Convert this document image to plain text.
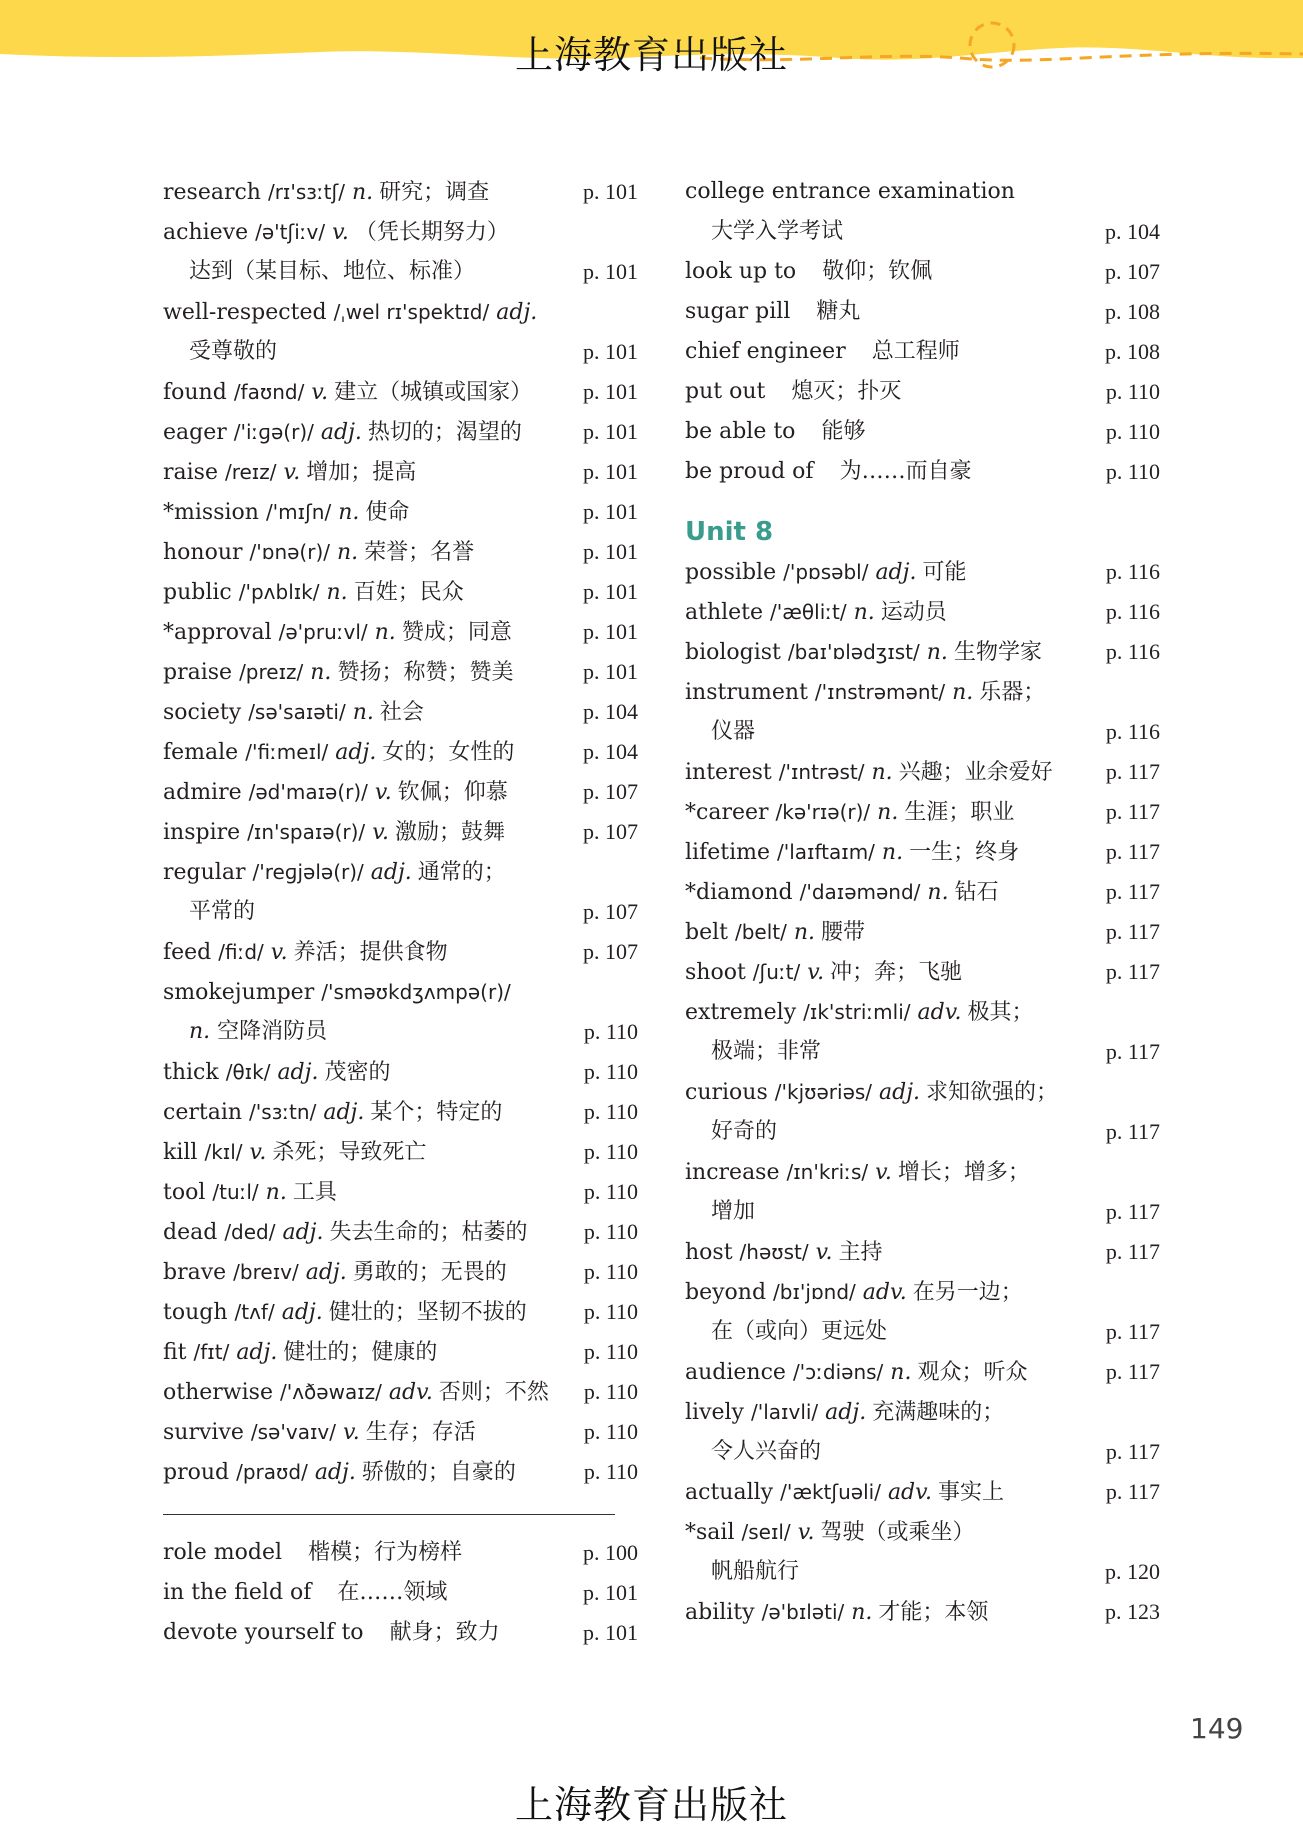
上海教育出版社
research /rɪ'sɜːtʃ/ n. 研究；调查	p. 101
achieve /ə'tʃiːv/ v. （凭长期努力）
达到（某目标、地位、标准）	p. 101
well-respected /ˌwel rɪ'spektɪd/ adj.
受尊敬的	p. 101
found /faʊnd/ v. 建立（城镇或国家）	p. 101
eager /'iːɡə(r)/ adj. 热切的；渴望的	p. 101
raise /reɪz/ v. 增加；提高	p. 101
*mission /'mɪʃn/ n. 使命	p. 101
honour /'ɒnə(r)/ n. 荣誉；名誉	p. 101
public /'pʌblɪk/ n. 百姓；民众	p. 101
*approval /ə'pruːvl/ n. 赞成；同意	p. 101
praise /preɪz/ n. 赞扬；称赞；赞美	p. 101
society /sə'saɪəti/ n. 社会	p. 104
female /'fiːmeɪl/ adj. 女的；女性的	p. 104
admire /əd'maɪə(r)/ v. 钦佩；仰慕	p. 107
inspire /ɪn'spaɪə(r)/ v. 激励；鼓舞	p. 107
regular /'reɡjələ(r)/ adj. 通常的；
平常的	p. 107
feed /fiːd/ v. 养活；提供食物	p. 107
smokejumper /'sməʊkdʒʌmpə(r)/
n. 空降消防员	p. 110
thick /θɪk/ adj. 茂密的	p. 110
certain /'sɜːtn/ adj. 某个；特定的	p. 110
kill /kɪl/ v. 杀死；导致死亡	p. 110
tool /tuːl/ n. 工具	p. 110
dead /ded/ adj. 失去生命的；枯萎的	p. 110
brave /breɪv/ adj. 勇敢的；无畏的	p. 110
tough /tʌf/ adj. 健壮的；坚韧不拔的	p. 110
fit /fɪt/ adj. 健壮的；健康的	p. 110
otherwise /'ʌðəwaɪz/ adv. 否则；不然	p. 110
survive /sə'vaɪv/ v. 生存；存活	p. 110
proud /praʊd/ adj. 骄傲的；自豪的	p. 110
role model 楷模；行为榜样	p. 100
in the field of 在……领域	p. 101
devote yourself to 献身；致力	p. 101
college entrance examination
大学入学考试	p. 104
look up to 敬仰；钦佩	p. 107
sugar pill 糖丸	p. 108
chief engineer 总工程师	p. 108
put out 熄灭；扑灭	p. 110
be able to 能够	p. 110
be proud of 为……而自豪	p. 110
Unit 8
possible /'pɒsəbl/ adj. 可能	p. 116
athlete /'æθliːt/ n. 运动员	p. 116
biologist /baɪ'ɒlədʒɪst/ n. 生物学家	p. 116
instrument /'ɪnstrəmənt/ n. 乐器；
仪器	p. 116
interest /'ɪntrəst/ n. 兴趣；业余爱好	p. 117
*career /kə'rɪə(r)/ n. 生涯；职业	p. 117
lifetime /'laɪftaɪm/ n. 一生；终身	p. 117
*diamond /'daɪəmənd/ n. 钻石	p. 117
belt /belt/ n. 腰带	p. 117
shoot /ʃuːt/ v. 冲；奔；飞驰	p. 117
extremely /ɪk'striːmli/ adv. 极其；
极端；非常	p. 117
curious /'kjʊəriəs/ adj. 求知欲强的；
好奇的	p. 117
increase /ɪn'kriːs/ v. 增长；增多；
增加	p. 117
host /həʊst/ v. 主持	p. 117
beyond /bɪ'jɒnd/ adv. 在另一边；
在（或向）更远处	p. 117
audience /'ɔːdiəns/ n. 观众；听众	p. 117
lively /'laɪvli/ adj. 充满趣味的；
令人兴奋的	p. 117
actually /'æktʃuəli/ adv. 事实上	p. 117
*sail /seɪl/ v. 驾驶（或乘坐）
帆船航行	p. 120
ability /ə'bɪləti/ n. 才能；本领	p. 123
149
上海教育出版社
